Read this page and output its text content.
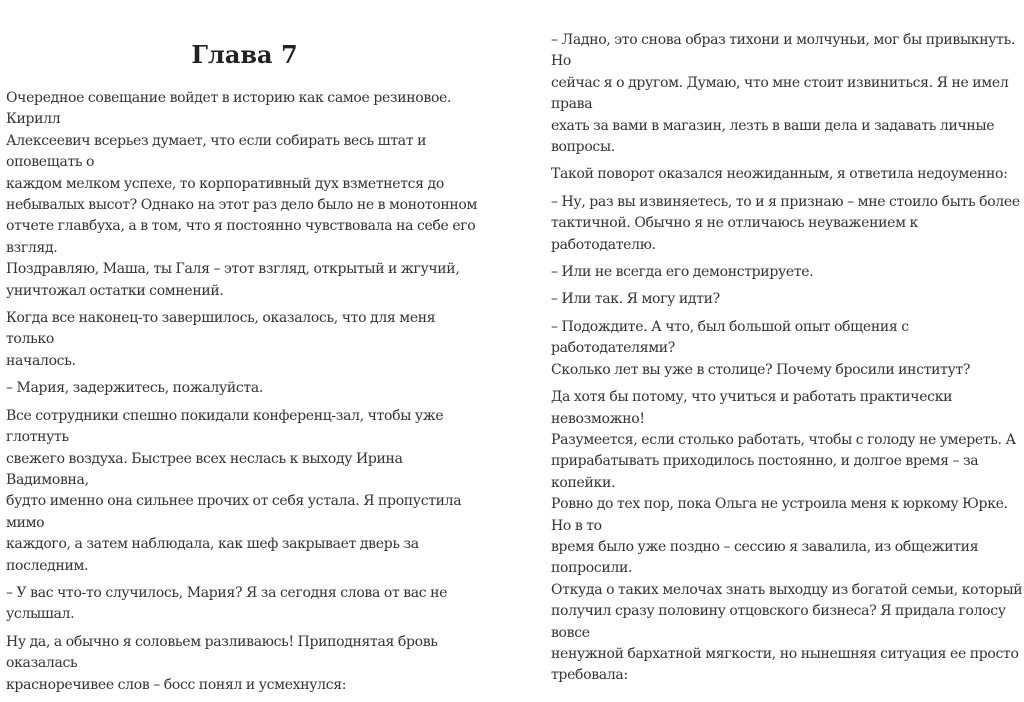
Глава 7

Очередное совещание войдет в историю как самое резиновое. Кирилл
Алексеевич всерьез думает, что если собирать весь штат и оповещать о
каждом мелком успехе, то корпоративный дух взметнется до
небывалых высот? Однако на этот раз дело было не в монотонном
отчете главбуха, а в том, что я постоянно чувствовала на себе его взгляд.
Поздравляю, Маша, ты Галя – этот взгляд, открытый и жгучий,
уничтожал остатки сомнений.

Когда все наконец-то завершилось, оказалось, что для меня только
началось.

– Мария, задержитесь, пожалуйста.

Все сотрудники спешно покидали конференц-зал, чтобы уже глотнуть
свежего воздуха. Быстрее всех неслась к выходу Ирина Вадимовна,
будто именно она сильнее прочих от себя устала. Я пропустила мимо
каждого, а затем наблюдала, как шеф закрывает дверь за последним.

– У вас что-то случилось, Мария? Я за сегодня слова от вас не услышал.

Ну да, а обычно я соловьем разливаюсь! Приподнятая бровь оказалась
красноречивее слов – босс понял и усмехнулся:

– Ладно, это снова образ тихони и молчуньи, мог бы привыкнуть. Но
сейчас я о другом. Думаю, что мне стоит извиниться. Я не имел права
ехать за вами в магазин, лезть в ваши дела и задавать личные вопросы.

Такой поворот оказался неожиданным, я ответила недоуменно:

– Ну, раз вы извиняетесь, то и я признаю – мне стоило быть более
тактичной. Обычно я не отличаюсь неуважением к работодателю.

– Или не всегда его демонстрируете.

– Или так. Я могу идти?

– Подождите. А что, был большой опыт общения с работодателями?
Сколько лет вы уже в столице? Почему бросили институт?

Да хотя бы потому, что учиться и работать практически невозможно!
Разумеется, если столько работать, чтобы с голоду не умереть. А
прирабатывать приходилось постоянно, и долгое время – за копейки.
Ровно до тех пор, пока Ольга не устроила меня к юркому Юрке. Но в то
время было уже поздно – сессию я завалила, из общежития попросили.
Откуда о таких мелочах знать выходцу из богатой семьи, который
получил сразу половину отцовского бизнеса? Я придала голосу вовсе
ненужной бархатной мягкости, но нынешняя ситуация ее просто
требовала:
